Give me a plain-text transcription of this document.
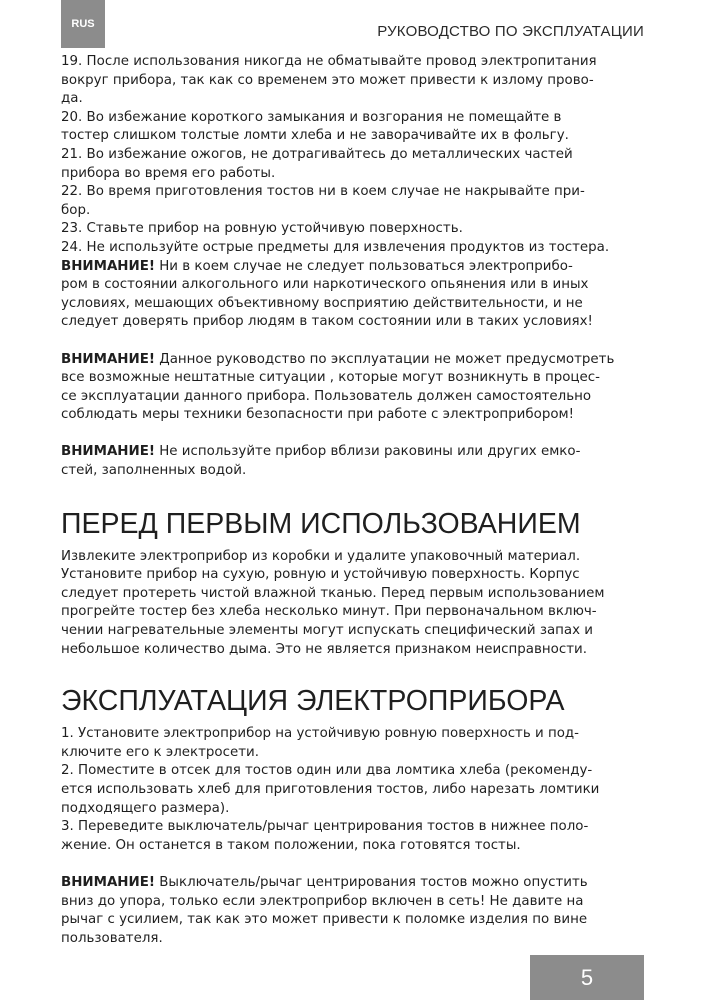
RUS	РУКОВОДСТВО ПО ЭКСПЛУАТАЦИИ
19. После использования никогда не обматывайте провод электропитания
вокруг прибора, так как со временем это может привести к излому прово-
да.
20. Во избежание короткого замыкания и возгорания не помещайте в
тостер слишком толстые ломти хлеба и не заворачивайте их в фольгу.
21. Во избежание ожогов, не дотрагивайтесь до металлических частей
прибора во время его работы.
22. Во время приготовления тостов ни в коем случае не накрывайте при-
бор.
23. Ставьте прибор на ровную устойчивую поверхность.
24. Не используйте острые предметы для извлечения продуктов из тостера.
ВНИМАНИЕ! Ни в коем случае не следует пользоваться электроприбо-
ром в состоянии алкогольного или наркотического опьянения или в иных
условиях, мешающих объективному восприятию действительности, и не
следует доверять прибор людям в таком состоянии или в таких условиях!
ВНИМАНИЕ! Данное руководство по эксплуатации не может предусмотреть
все возможные нештатные ситуации , которые могут возникнуть в процес-
се эксплуатации данного прибора. Пользователь должен самостоятельно
соблюдать меры техники безопасности при работе с электроприбором!
ВНИМАНИЕ! Не используйте прибор вблизи раковины или других емко-
стей, заполненных водой.
ПЕРЕД ПЕРВЫМ ИСПОЛЬЗОВАНИЕМ
Извлеките электроприбор из коробки и удалите упаковочный материал.
Установите прибор на сухую, ровную и устойчивую поверхность. Корпус
следует протереть чистой влажной тканью. Перед первым использованием
прогрейте тостер без хлеба несколько минут. При первоначальном включ-
чении нагревательные элементы могут испускать специфический запах и
небольшое количество дыма. Это не является признаком неисправности.
ЭКСПЛУАТАЦИЯ ЭЛЕКТРОПРИБОРА
1. Установите электроприбор на устойчивую ровную поверхность и под-
ключите его к электросети.
2. Поместите в отсек для тостов один или два ломтика хлеба (рекоменду-
ется использовать хлеб для приготовления тостов, либо нарезать ломтики
подходящего размера).
3. Переведите выключатель/рычаг центрирования тостов в нижнее поло-
жение. Он останется в таком положении, пока готовятся тосты.
ВНИМАНИЕ! Выключатель/рычаг центрирования тостов можно опустить
вниз до упора, только если электроприбор включен в сеть! Не давите на
рычаг с усилием, так как это может привести к поломке изделия по вине
пользователя.
5
